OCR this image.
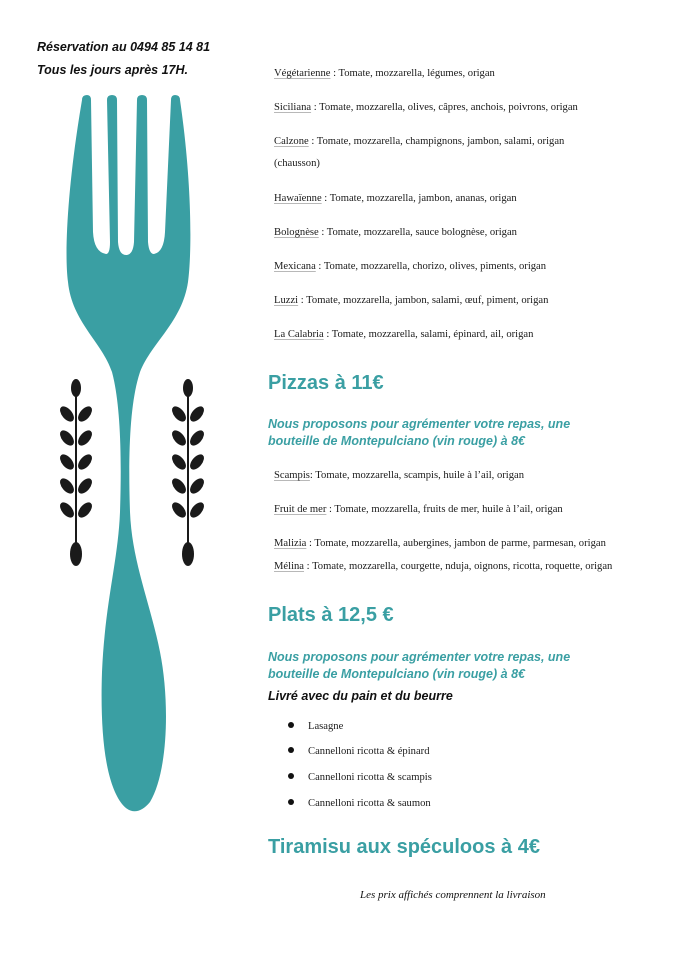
Réservation au 0494 85 14 81
Tous les jours après 17H.	Végétarienne : Tomate, mozzarella, légumes, origan
Siciliana : Tomate, mozzarella, olives, câpres, anchois, poivrons, origan
Calzone : Tomate, mozzarella, champignons, jambon, salami, origan
(chausson)
Hawaïenne : Tomate, mozzarella, jambon, ananas, origan
Bolognèse : Tomate, mozzarella, sauce bolognèse, origan
Mexicana : Tomate, mozzarella, chorizo, olives, piments, origan
Luzzi : Tomate, mozzarella, jambon, salami, œuf, piment, origan
La Calabria : Tomate, mozzarella, salami, épinard, ail, origan
Pizzas à 11€
Nous proposons pour agrémenter votre repas, une
bouteille de Montepulciano (vin rouge) à 8€
Scampis: Tomate, mozzarella, scampis, huile à l’ail, origan
Fruit de mer : Tomate, mozzarella, fruits de mer, huile à l’ail, origan
Malizia : Tomate, mozzarella, aubergines, jambon de parme, parmesan, origan
Mélina : Tomate, mozzarella, courgette, nduja, oignons, ricotta, roquette, origan
Plats à 12,5 €
Nous proposons pour agrémenter votre repas, une
bouteille de Montepulciano (vin rouge) à 8€
Livré avec du pain et du beurre
Lasagne
Cannelloni ricotta & épinard
Cannelloni ricotta & scampis
Cannelloni ricotta & saumon
Tiramisu aux spéculoos à 4€
Les prix affichés comprennent la livraison
